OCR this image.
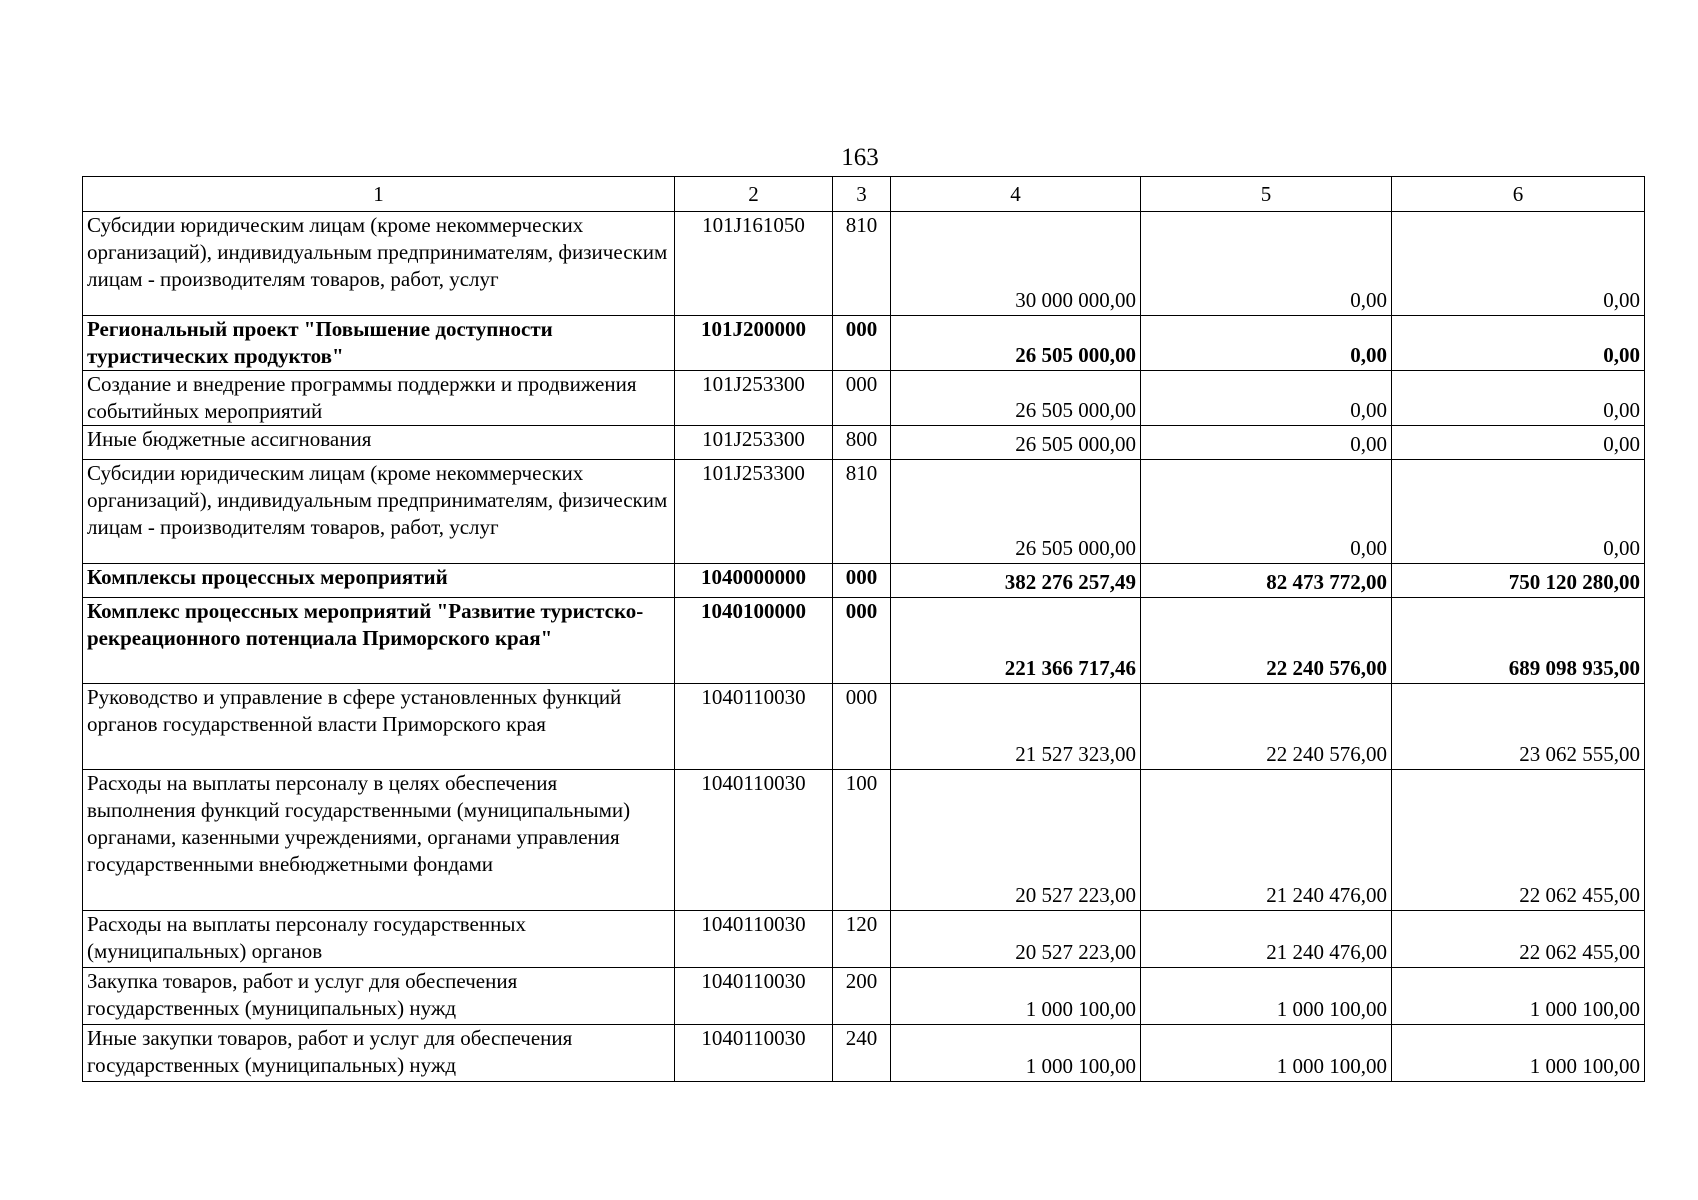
163
1	2	3	4	5	6
Субсидии юридическим лицам (кроме некоммерческих организаций), индивидуальным предпринимателям, физическим лицам - производителям товаров, работ, услуг	101J161050	810	30 000 000,00	0,00	0,00
Региональный проект "Повышение доступности туристических продуктов"	101J200000	000	26 505 000,00	0,00	0,00
Создание и внедрение программы поддержки и продвижения событийных мероприятий	101J253300	000	26 505 000,00	0,00	0,00
Иные бюджетные ассигнования	101J253300	800	26 505 000,00	0,00	0,00
Субсидии юридическим лицам (кроме некоммерческих организаций), индивидуальным предпринимателям, физическим лицам - производителям товаров, работ, услуг	101J253300	810	26 505 000,00	0,00	0,00
Комплексы процессных мероприятий	1040000000	000	382 276 257,49	82 473 772,00	750 120 280,00
Комплекс процессных мероприятий "Развитие туристско-рекреационного потенциала Приморского края"	1040100000	000	221 366 717,46	22 240 576,00	689 098 935,00
Руководство и управление в сфере установленных функций органов государственной власти Приморского края	1040110030	000	21 527 323,00	22 240 576,00	23 062 555,00
Расходы на выплаты персоналу в целях обеспечения выполнения функций государственными (муниципальными) органами, казенными учреждениями, органами управления государственными внебюджетными фондами	1040110030	100	20 527 223,00	21 240 476,00	22 062 455,00
Расходы на выплаты персоналу государственных (муниципальных) органов	1040110030	120	20 527 223,00	21 240 476,00	22 062 455,00
Закупка товаров, работ и услуг для обеспечения государственных (муниципальных) нужд	1040110030	200	1 000 100,00	1 000 100,00	1 000 100,00
Иные закупки товаров, работ и услуг для обеспечения государственных (муниципальных) нужд	1040110030	240	1 000 100,00	1 000 100,00	1 000 100,00
